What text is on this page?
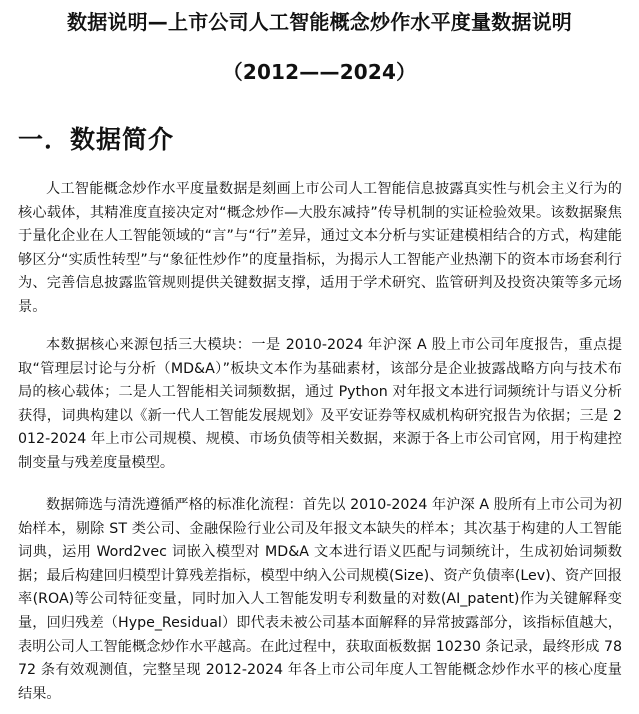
数据说明—上市公司人工智能概念炒作水平度量数据说明
（2012——2024）
一．数据简介

人工智能概念炒作水平度量数据是刻画上市公司人工智能信息披露真实性与机会主义行为的核心载体，其精准度直接决定对“概念炒作—大股东减持”传导机制的实证检验效果。该数据聚焦于量化企业在人工智能领域的“言”与“行”差异，通过文本分析与实证建模相结合的方式，构建能够区分“实质性转型”与“象征性炒作”的度量指标，为揭示人工智能产业热潮下的资本市场套利行为、完善信息披露监管规则提供关键数据支撑，适用于学术研究、监管研判及投资决策等多元场景。

本数据核心来源包括三大模块：一是 2010-2024 年沪深 A 股上市公司年度报告，重点提取“管理层讨论与分析（MD&A）”板块文本作为基础素材，该部分是企业披露战略方向与技术布局的核心载体；二是人工智能相关词频数据，通过 Python 对年报文本进行词频统计与语义分析获得，词典构建以《新一代人工智能发展规划》及平安证券等权威机构研究报告为依据；三是 2012-2024 年上市公司规模、规模、市场负债等相关数据，来源于各上市公司官网，用于构建控制变量与残差度量模型。

数据筛选与清洗遵循严格的标准化流程：首先以 2010-2024 年沪深 A 股所有上市公司为初始样本，剔除 ST 类公司、金融保险行业公司及年报文本缺失的样本；其次基于构建的人工智能词典，运用 Word2vec 词嵌入模型对 MD&A 文本进行语义匹配与词频统计，生成初始词频数据；最后构建回归模型计算残差指标，模型中纳入公司规模(Size)、资产负债率(Lev)、资产回报率(ROA)等公司特征变量，同时加入人工智能发明专利数量的对数(AI_patent)作为关键解释变量，回归残差（Hype_Residual）即代表未被公司基本面解释的异常披露部分，该指标值越大，表明公司人工智能概念炒作水平越高。在此过程中，获取面板数据 10230 条记录，最终形成 7872 条有效观测值，完整呈现 2012-2024 年各上市公司年度人工智能概念炒作水平的核心度量结果。
